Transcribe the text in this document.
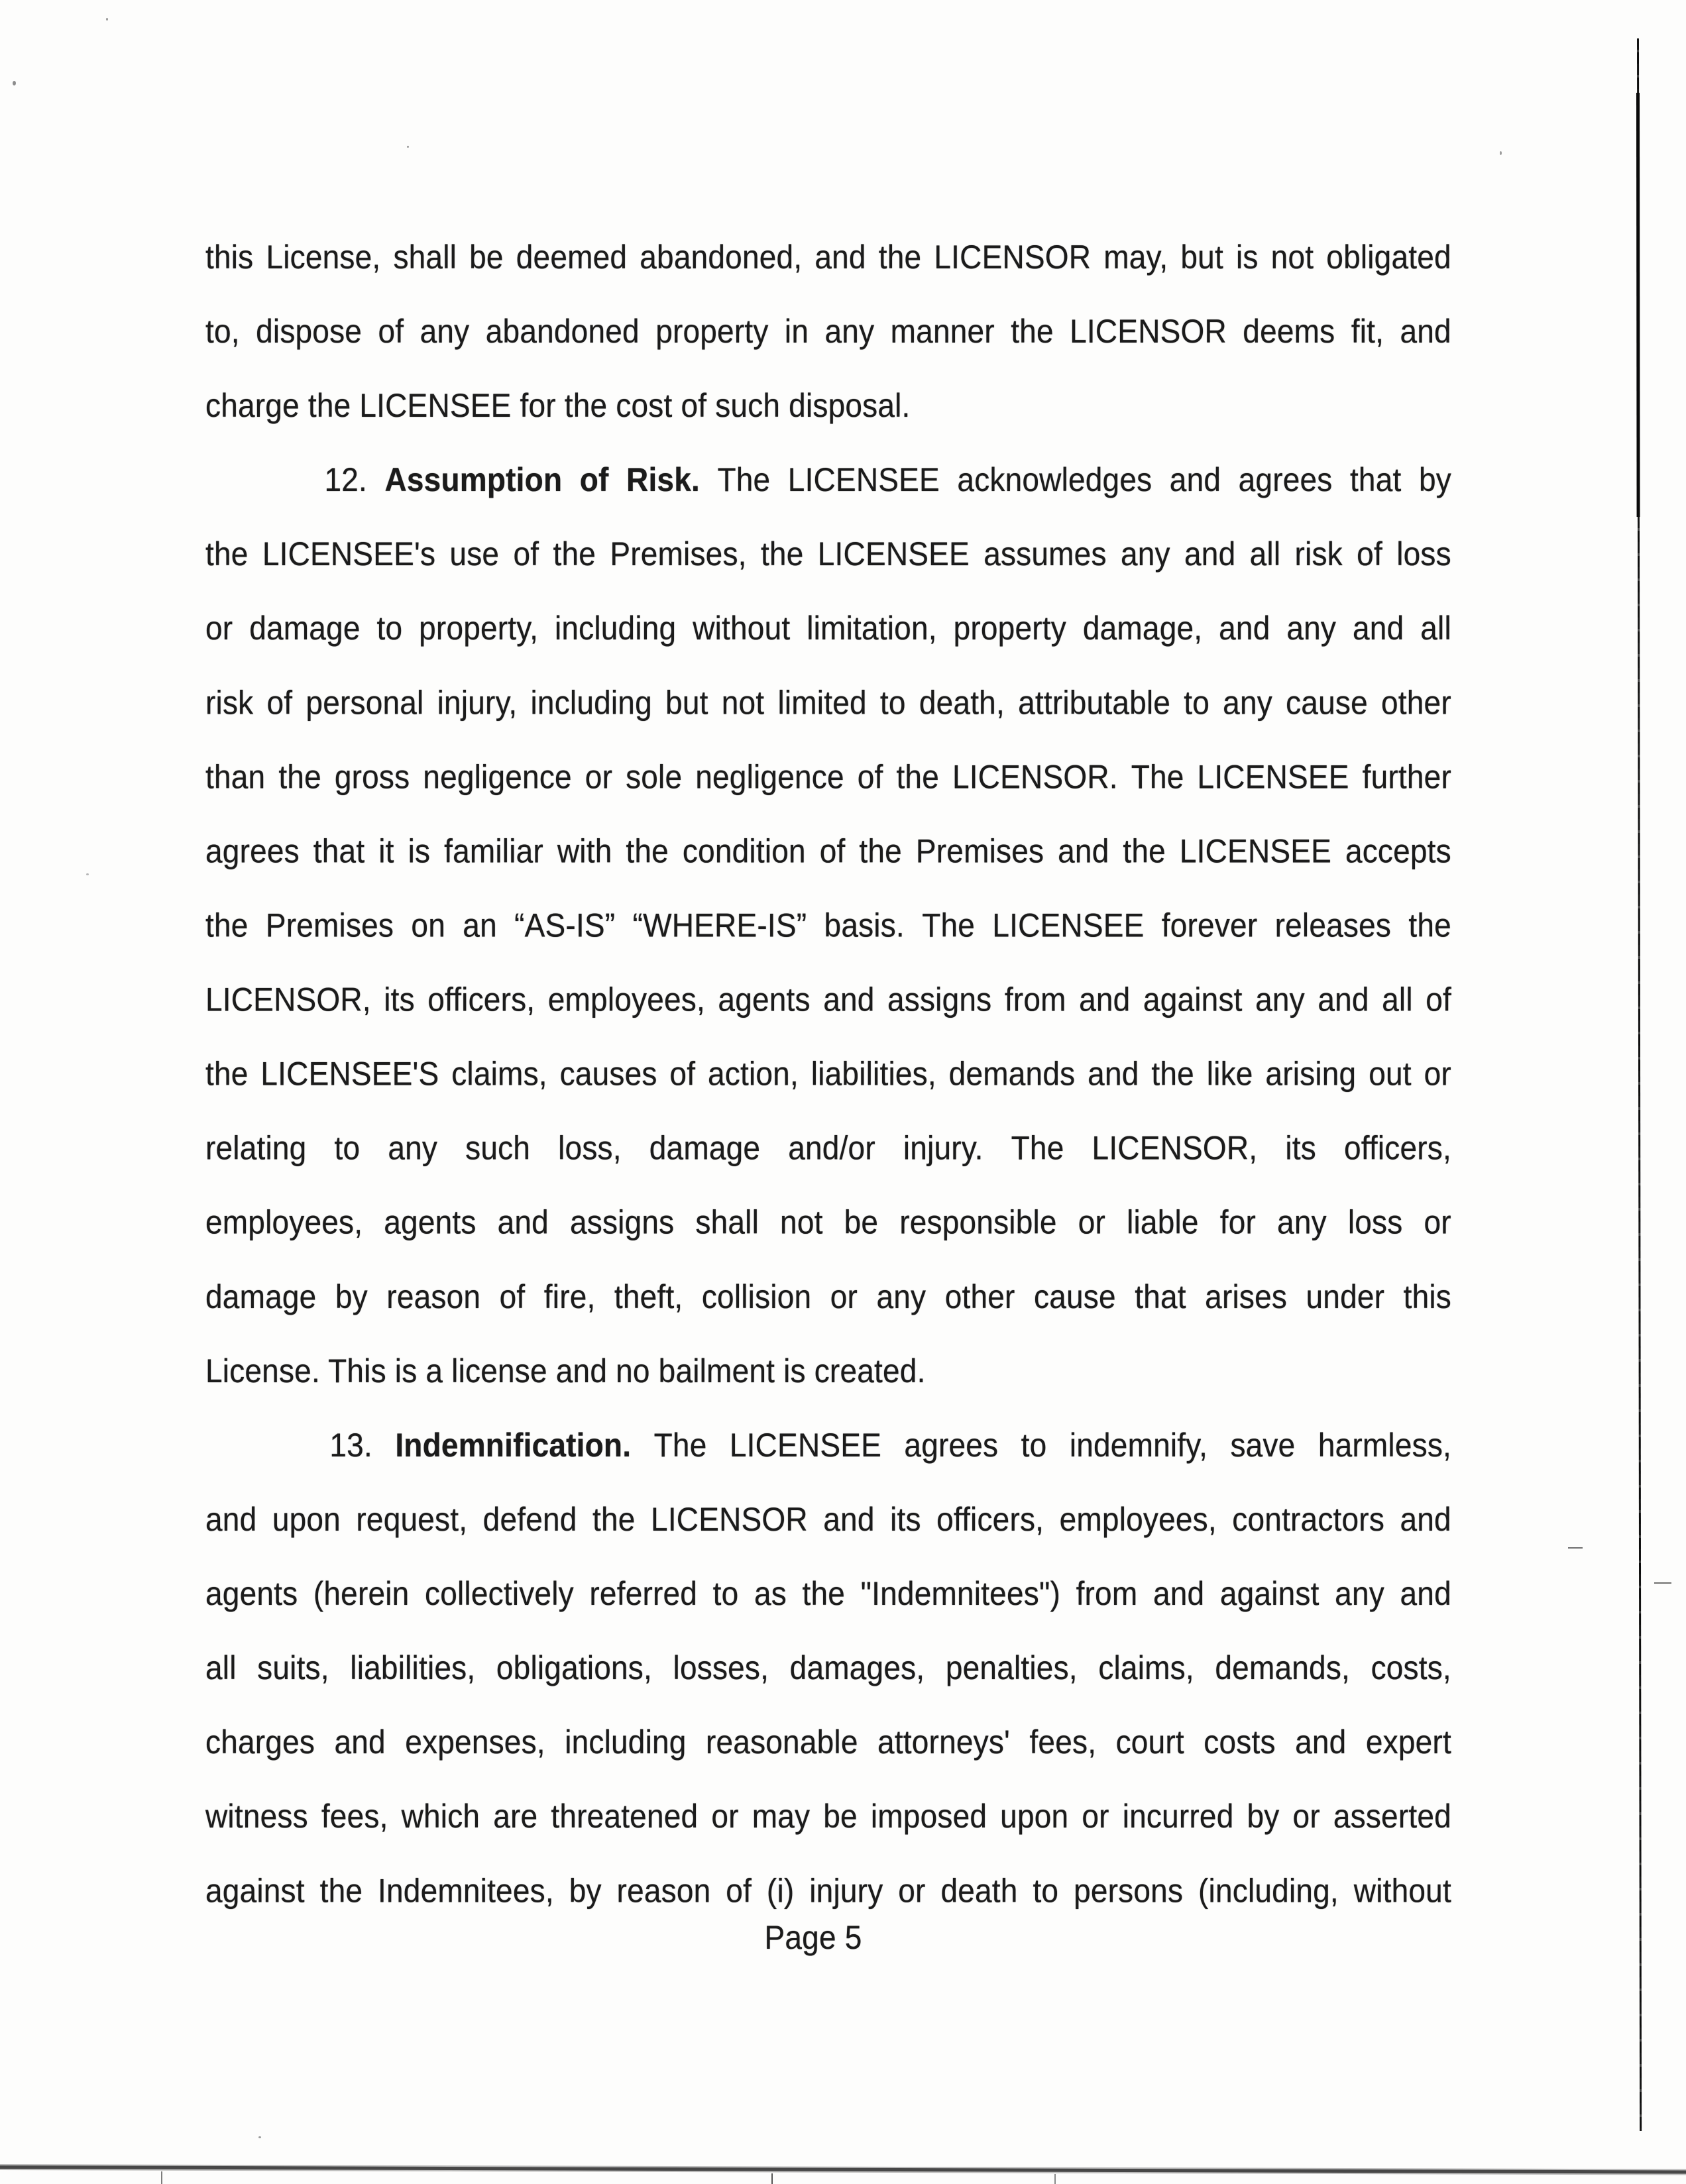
this License, shall be deemed abandoned, and the LICENSOR may, but is not obligated
to, dispose of any abandoned property in any manner the LICENSOR deems fit, and
charge the LICENSEE for the cost of such disposal.
12. Assumption of Risk. The LICENSEE acknowledges and agrees that by
the LICENSEE's use of the Premises, the LICENSEE assumes any and all risk of loss
or damage to property, including without limitation, property damage, and any and all
risk of personal injury, including but not limited to death, attributable to any cause other
than the gross negligence or sole negligence of the LICENSOR. The LICENSEE further
agrees that it is familiar with the condition of the Premises and the LICENSEE accepts
the Premises on an “AS-IS” “WHERE-IS” basis. The LICENSEE forever releases the
LICENSOR, its officers, employees, agents and assigns from and against any and all of
the LICENSEE'S claims, causes of action, liabilities, demands and the like arising out or
relating to any such loss, damage and/or injury. The LICENSOR, its officers,
employees, agents and assigns shall not be responsible or liable for any loss or
damage by reason of fire, theft, collision or any other cause that arises under this
License. This is a license and no bailment is created.
13. Indemnification. The LICENSEE agrees to indemnify, save harmless,
and upon request, defend the LICENSOR and its officers, employees, contractors and
agents (herein collectively referred to as the "Indemnitees") from and against any and
all suits, liabilities, obligations, losses, damages, penalties, claims, demands, costs,
charges and expenses, including reasonable attorneys' fees, court costs and expert
witness fees, which are threatened or may be imposed upon or incurred by or asserted
against the Indemnitees, by reason of (i) injury or death to persons (including, without
Page 5
